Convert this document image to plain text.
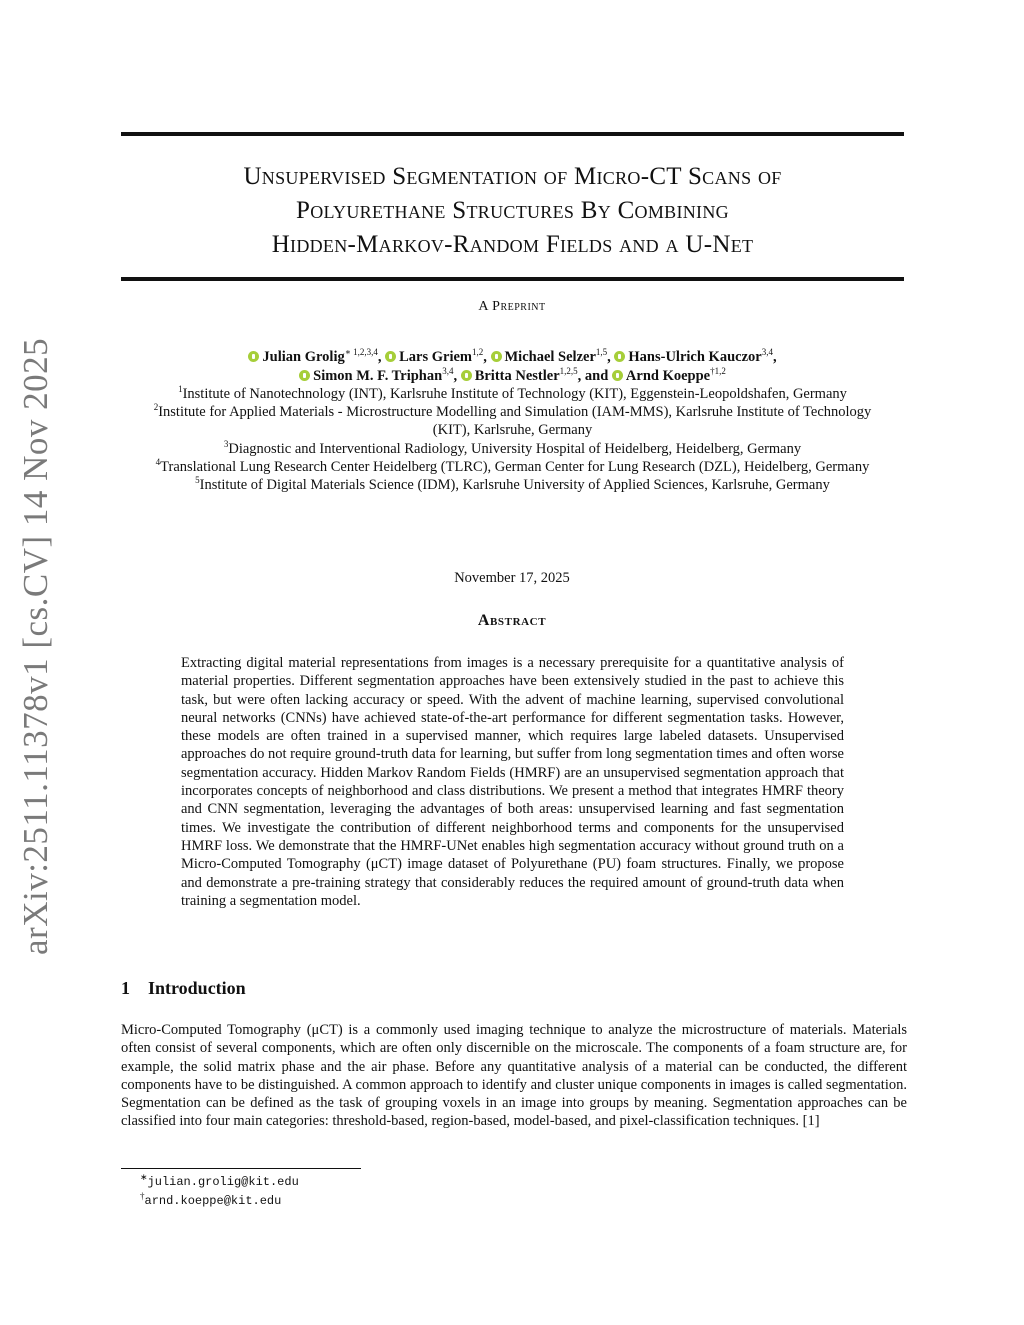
arXiv:2511.11378v1 [cs.CV] 14 Nov 2025
Unsupervised Segmentation of Micro-CT Scans of
Polyurethane Structures By Combining
Hidden-Markov-Random Fields and a U-Net
A Preprint
Julian Grolig$^{∗ 1,2,3,4}$, Lars Griem$^{1,2}$, Michael Selzer$^{1,5}$, Hans-Ulrich Kauczor$^{3,4}$,
Simon M. F. Triphan$^{3,4}$, Britta Nestler$^{1,2,5}$, and Arnd Koeppe$^{\dagger 1,2}$
$^1$Institute of Nanotechnology (INT), Karlsruhe Institute of Technology (KIT), Eggenstein-Leopoldshafen, Germany
$^2$Institute for Applied Materials - Microstructure Modelling and Simulation (IAM-MMS), Karlsruhe Institute of Technology (KIT), Karlsruhe, Germany
$^3$Diagnostic and Interventional Radiology, University Hospital of Heidelberg, Heidelberg, Germany
$^4$Translational Lung Research Center Heidelberg (TLRC), German Center for Lung Research (DZL), Heidelberg, Germany
$^5$Institute of Digital Materials Science (IDM), Karlsruhe University of Applied Sciences, Karlsruhe, Germany
November 17, 2025
Abstract
Extracting digital material representations from images is a necessary prerequisite for a quantitative analysis of material properties. Different segmentation approaches have been extensively studied in the past to achieve this task, but were often lacking accuracy or speed. With the advent of machine learning, supervised convolutional neural networks (CNNs) have achieved state-of-the-art performance for different segmentation tasks. However, these models are often trained in a supervised manner, which requires large labeled datasets. Unsupervised approaches do not require ground-truth data for learning, but suffer from long segmentation times and often worse segmentation accuracy. Hidden Markov Random Fields (HMRF) are an unsupervised segmentation approach that incorporates concepts of neighborhood and class distributions. We present a method that integrates HMRF theory and CNN segmentation, leveraging the advantages of both areas: unsupervised learning and fast segmentation times. We investigate the contribution of different neighborhood terms and components for the unsupervised HMRF loss. We demonstrate that the HMRF-UNet enables high segmentation accuracy without ground truth on a Micro-Computed Tomography (μCT) image dataset of Polyurethane (PU) foam structures. Finally, we propose and demonstrate a pre-training strategy that considerably reduces the required amount of ground-truth data when training a segmentation model.
1 Introduction
Micro-Computed Tomography (μCT) is a commonly used imaging technique to analyze the microstructure of materials. Materials often consist of several components, which are often only discernible on the microscale. The components of a foam structure are, for example, the solid matrix phase and the air phase. Before any quantitative analysis of a material can be conducted, the different components have to be distinguished. A common approach to identify and cluster unique components in images is called segmentation. Segmentation can be defined as the task of grouping voxels in an image into groups by meaning. Segmentation approaches can be classified into four main categories: threshold-based, region-based, model-based, and pixel-classification techniques. [1]
∗julian.grolig@kit.edu
†arnd.koeppe@kit.edu
